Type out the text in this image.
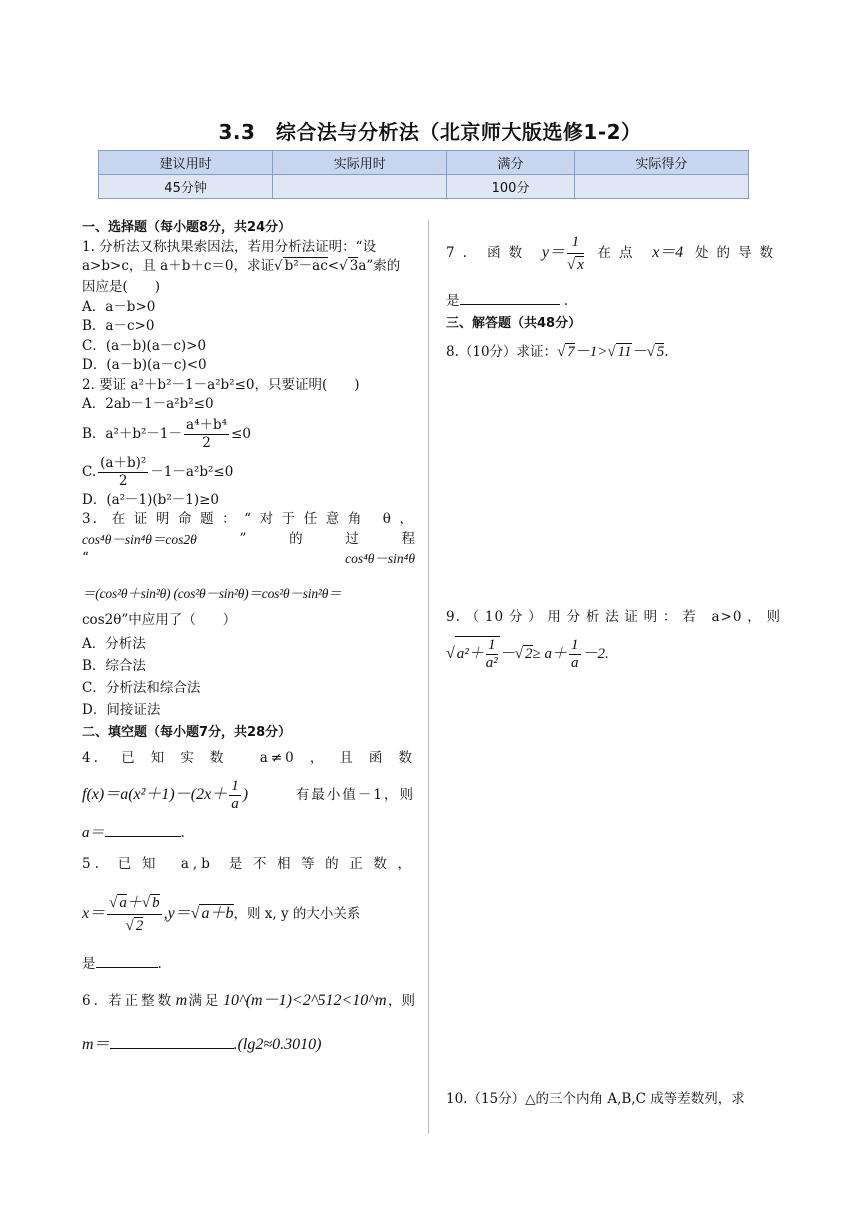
3.3　综合法与分析法（北京师大版选修1-2）
建议用时	实际用时	满分	实际得分
45分钟		100分	
一、选择题（每小题8分，共24分）
1. 分析法又称执果索因法，若用分析法证明：“设
a>b>c，且 a＋b＋c＝0，求证√ b²－ac<√ 3a”索的
因应是(　　)
A．a－b>0
B．a－c>0
C．(a－b)(a－c)>0
D．(a－b)(a－c)<0
2. 要证 a²＋b²－1－a²b²≤0，只要证明(　　)
A．2ab－1－a²b²≤0
B．$a^2+b^2-1- \frac{\text{a⁴＋b⁴}}{2} \le 0$
C. $\frac{\text{(a＋b)²}}{2} -1-a^2b^2\le 0$
D．(a²－1)(b²－1)≥0
3. 在证明命题：“对于任意角 θ，
cos⁴θ－sin⁴θ＝cos2θ	”	的	过	程
“	cos⁴θ－sin⁴θ
＝(cos²θ＋sin²θ) (cos²θ－sin²θ)＝cos²θ－sin²θ＝
cos2θ”中应用了（　　）
A．分析法
B．综合法
C．分析法和综合法
D．间接证法
二、填空题（每小题7分，共28分）
4. 已知实数 a≠0，且函数
$f(x)=a(x^2+1)-(2x+ \frac{1}{a}$ )	有最小值－1，则
a＝	.
5. 已知 a,b 是不相等的正数，
$x= \frac{√ a+√ b}{√ 2} ,y=√$ a＋b，则 x, y 的大小关系
是	.
6. 若正整数 m 满足 10^(m－1)<2^512<10^m ，则
m＝	.(lg2≈0.3010)
7. 函数 $y= \frac{1}{√ x}$ 在点 x＝4 处的导数
是	.
三、解答题（共48分）
8.（10分）求证：√ 7－1>√ 11－√ 5.
9.（10分）用分析法证明：若 a>0，则
√ $a^2+ \frac{1}{\text{a²}}$ －√ $2\ge a+ \frac{1}{a} -2$.
10.（15分）△的三个内角 A,B,C 成等差数列，求
